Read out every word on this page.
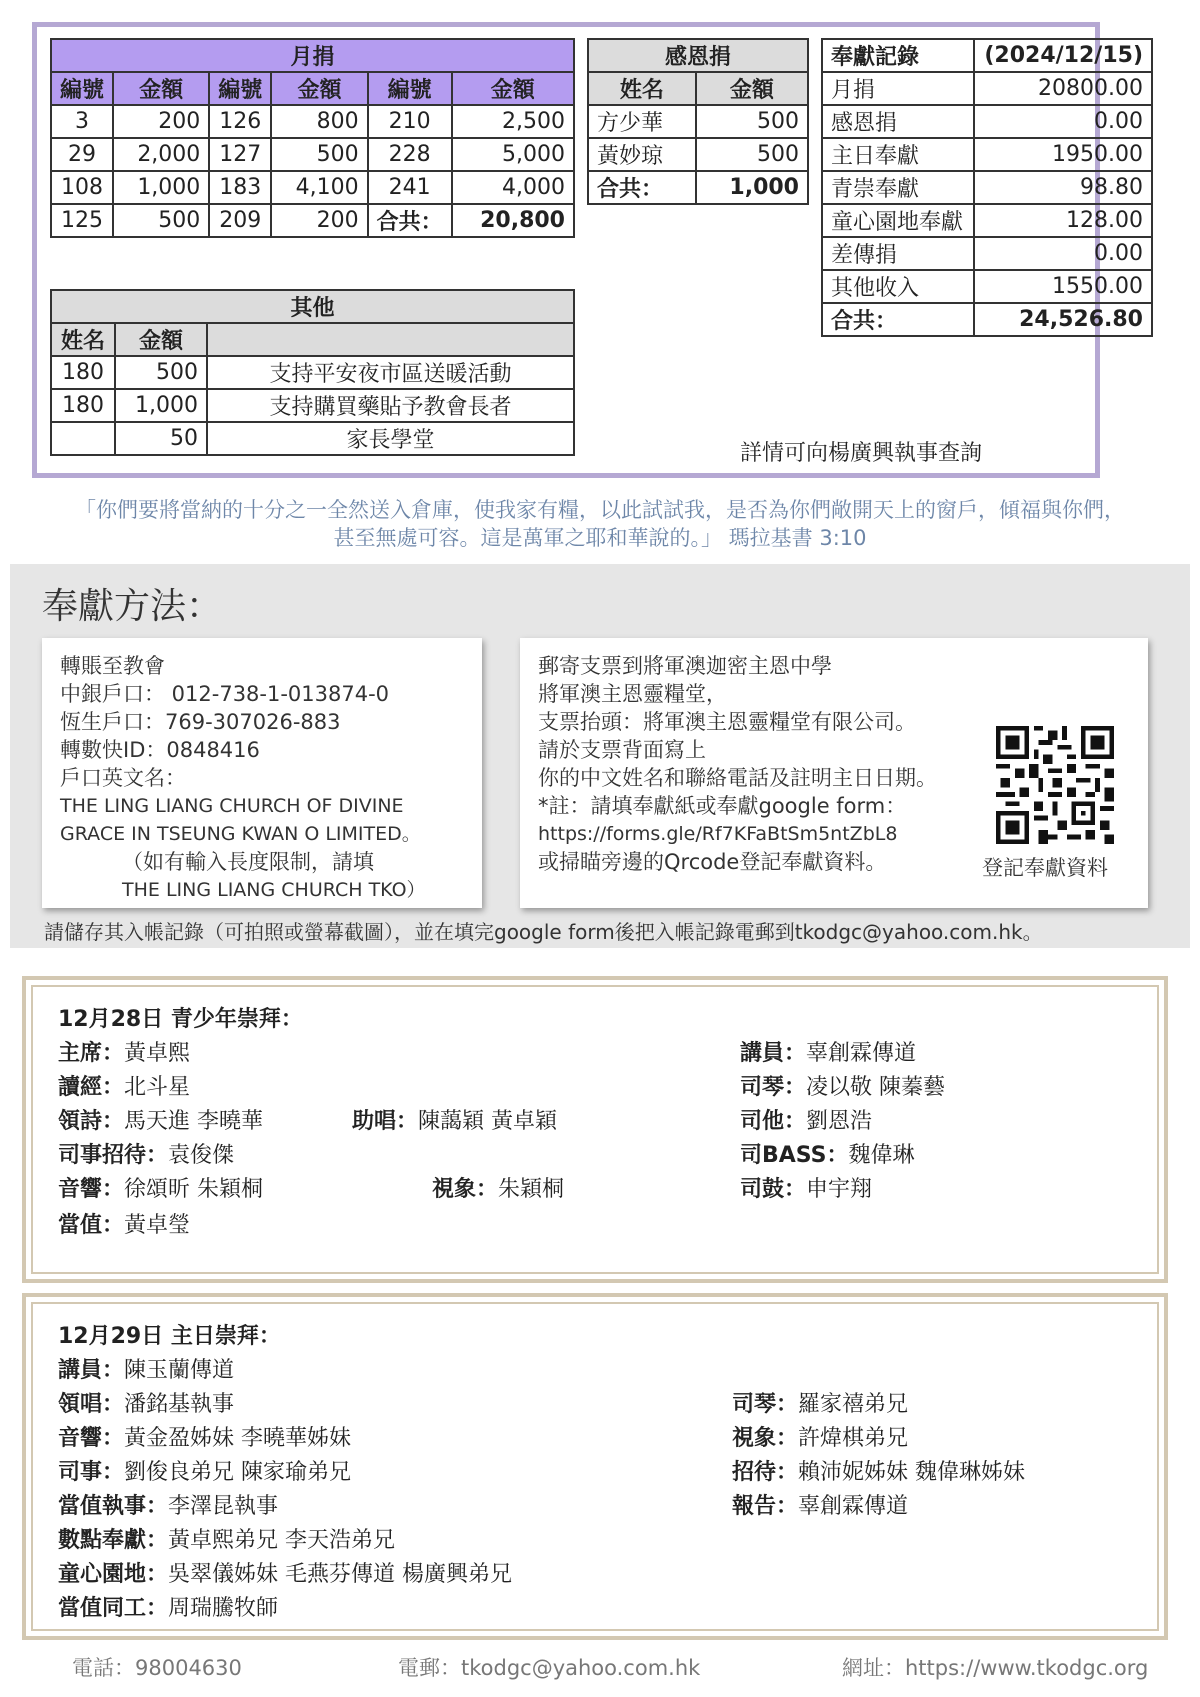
月捐					
編號	金額	編號	金額	編號	金額
3	200	126	800	210	2,500
29	2,000	127	500	228	5,000
108	1,000	183	4,100	241	4,000
125	500	209	200	合共：	20,800
感恩捐	
姓名	金額
方少華	500
黃妙琼	500
合共：	1,000
奉獻記錄	(2024/12/15)
月捐	20800.00
感恩捐	0.00
主日奉獻	1950.00
青崇奉獻	98.80
童心園地奉獻	128.00
差傳捐	0.00
其他收入	1550.00
合共：	24,526.80
其他		
姓名	金額	
180	500	支持平安夜市區送暖活動
180	1,000	支持購買藥貼予教會長者
	50	家長學堂
詳情可向楊廣興執事查詢
「你們要將當納的十分之一全然送入倉庫，使我家有糧，以此試試我，是否為你們敞開天上的窗戶，傾福與你們，
甚至無處可容。這是萬軍之耶和華說的。」 瑪拉基書 3:10
奉獻方法：
轉賬至教會
中銀戶口： 012-738-1-013874-0
恆生戶口：769-307026-883
轉數快ID：0848416
戶口英文名：
THE LING LIANG CHURCH OF DIVINE
GRACE IN TSEUNG KWAN O LIMITED。
（如有輸入長度限制，請填
THE LING LIANG CHURCH TKO）
郵寄支票到將軍澳迦密主恩中學
將軍澳主恩靈糧堂，
支票抬頭：將軍澳主恩靈糧堂有限公司。
請於支票背面寫上
你的中文姓名和聯絡電話及註明主日日期。
*註：請填奉獻紙或奉獻google form：
https://forms.gle/Rf7KFaBtSm5ntZbL8
或掃瞄旁邊的Qrcode登記奉獻資料。	登記奉獻資料
請儲存其入帳記錄（可拍照或螢幕截圖），並在填完google form後把入帳記錄電郵到tkodgc@yahoo.com.hk。
12月28日 青少年崇拜：
主席：黃卓熙
讀經：北斗星
領詩：馬天進 李曉華	助唱：陳藹穎 黃卓穎
司事招待：袁俊傑
音響：徐頌昕 朱穎桐	視象：朱穎桐
當值：黃卓瑩
講員：辜創霖傳道
司琴：凌以敬 陳蓁藝
司他：劉恩浩
司BASS：魏偉琳
司鼓：申宇翔
12月29日 主日崇拜：
講員：陳玉蘭傳道
領唱：潘銘基執事
音響：黃金盈姊妹 李曉華姊妹
司事：劉俊良弟兄 陳家瑜弟兄
當值執事：李澤昆執事
數點奉獻：黃卓熙弟兄 李天浩弟兄
童心園地：吳翠儀姊妹 毛燕芬傳道 楊廣興弟兄
當值同工：周瑞騰牧師
司琴：羅家禧弟兄
視象：許煒棋弟兄
招待：賴沛妮姊妹 魏偉琳姊妹
報告：辜創霖傳道
電話：98004630	電郵：tkodgc@yahoo.com.hk	網址：https://www.tkodgc.org
